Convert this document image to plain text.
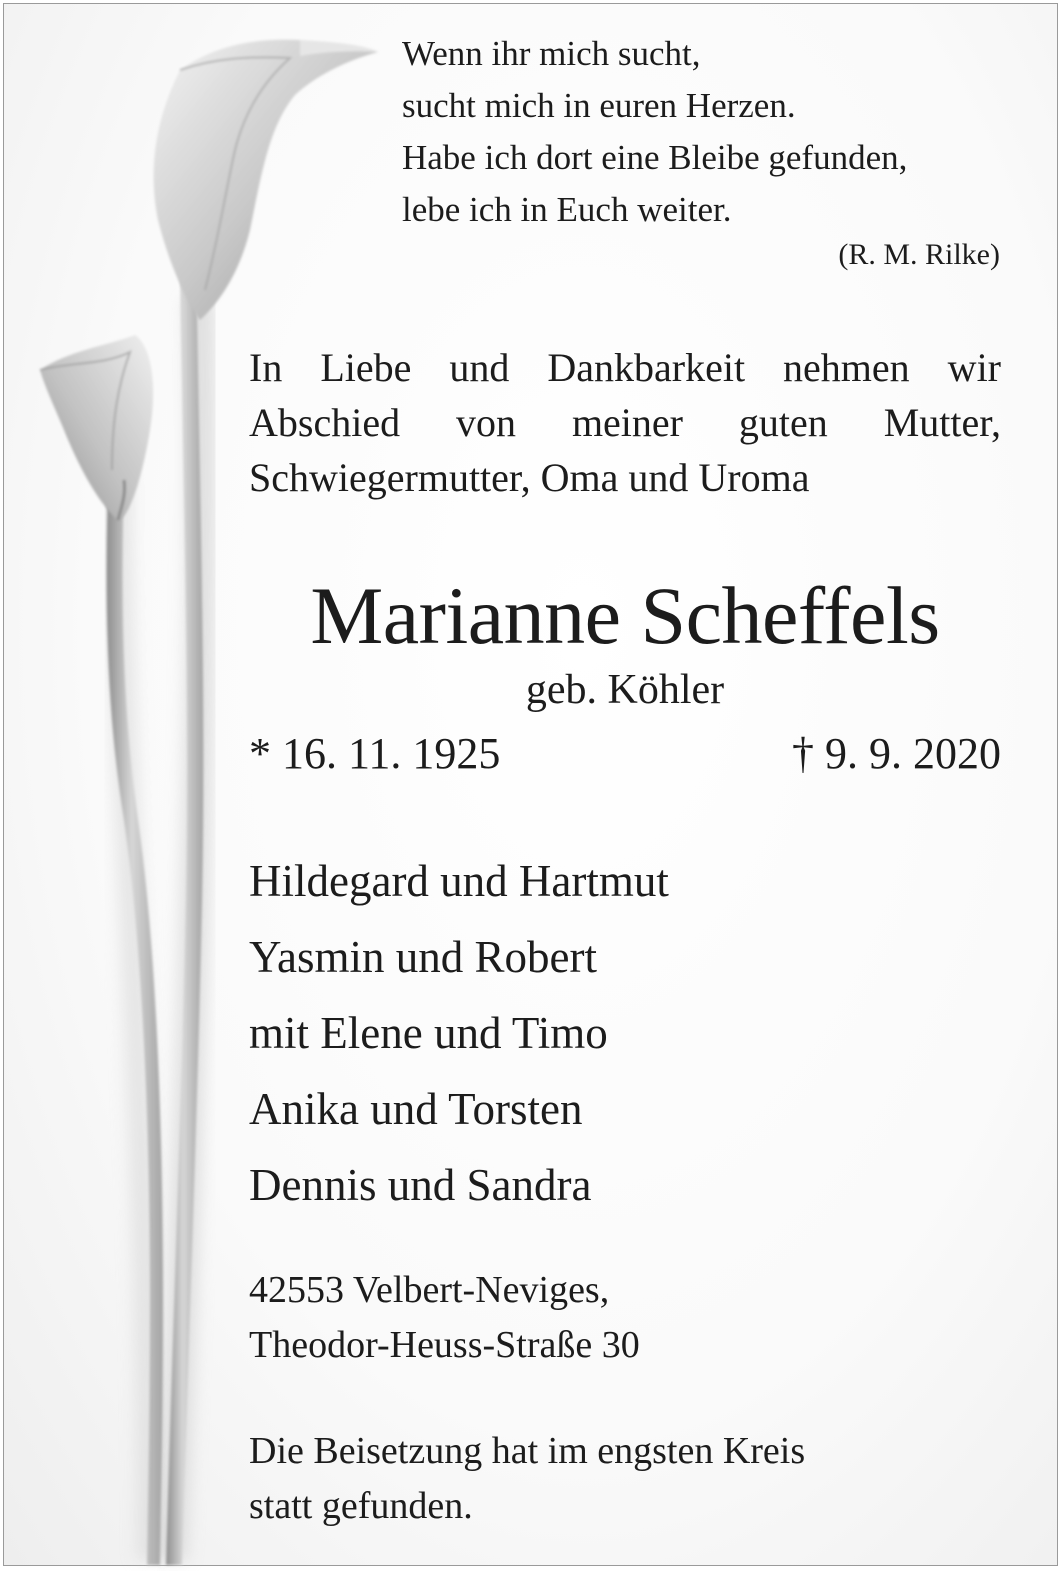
Wenn ihr mich sucht,
sucht mich in euren Herzen.
Habe ich dort eine Bleibe gefunden,
lebe ich in Euch weiter.
(R. M. Rilke)
In Liebe und Dankbarkeit nehmen wir
Abschied von meiner guten Mutter,
Schwiegermutter, Oma und Uroma
Marianne Scheffels
geb. Köhler
* 16. 11. 1925	† 9. 9. 2020
Hildegard und Hartmut
Yasmin und Robert
mit Elene und Timo
Anika und Torsten
Dennis und Sandra
42553 Velbert-Neviges,
Theodor-Heuss-Straße 30
Die Beisetzung hat im engsten Kreis
statt gefunden.
